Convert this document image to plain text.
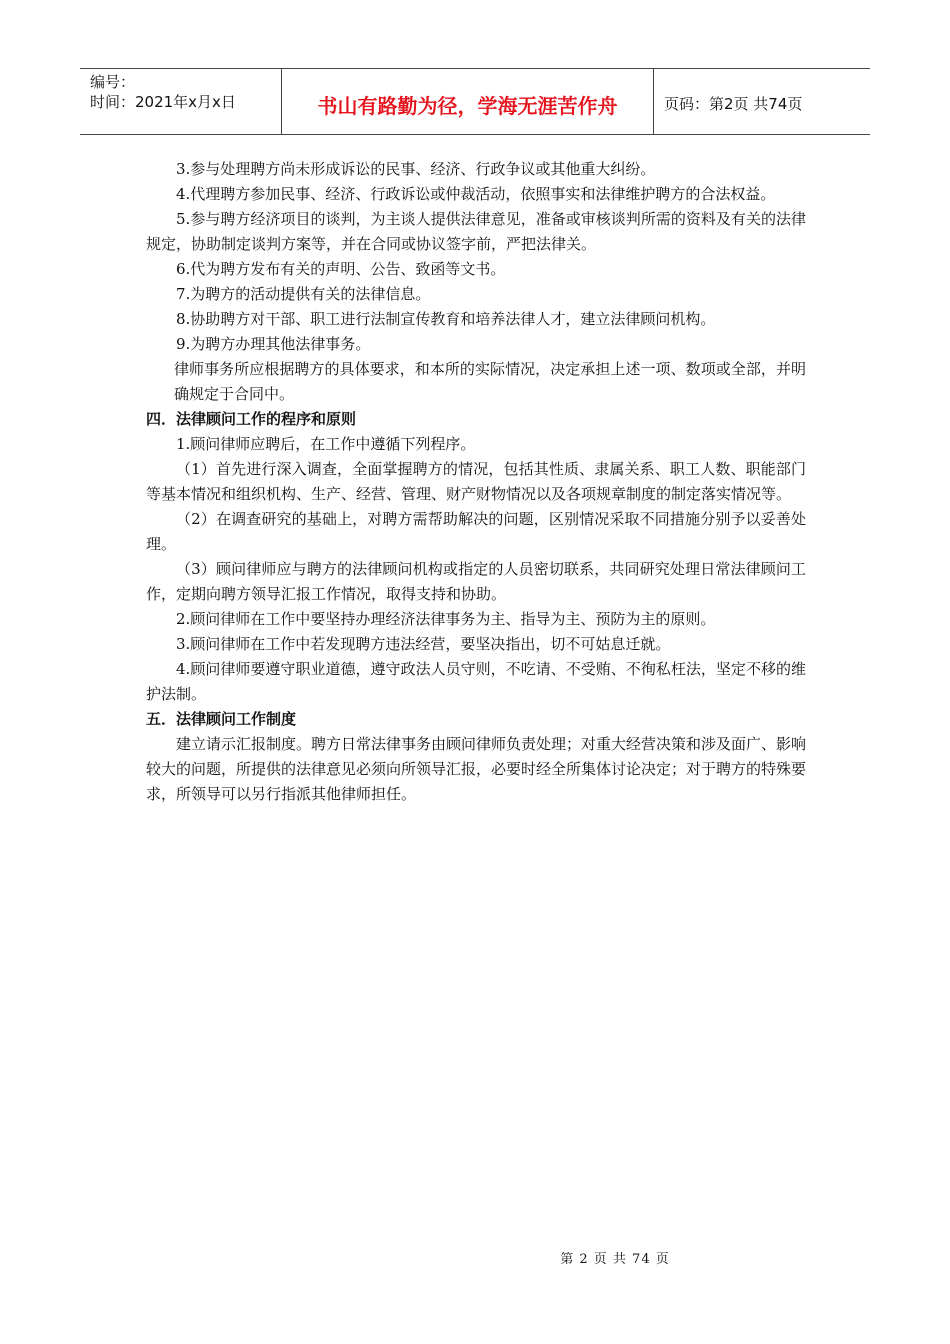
编号：
时间：2021年x月x日	书山有路勤为径，学海无涯苦作舟	页码：第2页 共74页

3.参与处理聘方尚未形成诉讼的民事、经济、行政争议或其他重大纠纷。

4.代理聘方参加民事、经济、行政诉讼或仲裁活动，依照事实和法律维护聘方的合法权益。

5.参与聘方经济项目的谈判，为主谈人提供法律意见，准备或审核谈判所需的资料及有关的法律规定，协助制定谈判方案等，并在合同或协议签字前，严把法律关。

6.代为聘方发布有关的声明、公告、致函等文书。

7.为聘方的活动提供有关的法律信息。

8.协助聘方对干部、职工进行法制宣传教育和培养法律人才，建立法律顾问机构。

9.为聘方办理其他法律事务。

律师事务所应根据聘方的具体要求，和本所的实际情况，决定承担上述一项、数项或全部，并明确规定于合同中。

四．法律顾问工作的程序和原则

1.顾问律师应聘后，在工作中遵循下列程序。

（1）首先进行深入调查，全面掌握聘方的情况，包括其性质、隶属关系、职工人数、职能部门等基本情况和组织机构、生产、经营、管理、财产财物情况以及各项规章制度的制定落实情况等。

（2）在调查研究的基础上，对聘方需帮助解决的问题，区别情况采取不同措施分别予以妥善处理。

（3）顾问律师应与聘方的法律顾问机构或指定的人员密切联系，共同研究处理日常法律顾问工作，定期向聘方领导汇报工作情况，取得支持和协助。

2.顾问律师在工作中要坚持办理经济法律事务为主、指导为主、预防为主的原则。

3.顾问律师在工作中若发现聘方违法经营，要坚决指出，切不可姑息迁就。

4.顾问律师要遵守职业道德，遵守政法人员守则，不吃请、不受贿、不徇私枉法，坚定不移的维护法制。

五．法律顾问工作制度

建立请示汇报制度。聘方日常法律事务由顾问律师负责处理；对重大经营决策和涉及面广、影响较大的问题，所提供的法律意见必须向所领导汇报，必要时经全所集体讨论决定；对于聘方的特殊要求，所领导可以另行指派其他律师担任。

第 2 页 共 74 页
